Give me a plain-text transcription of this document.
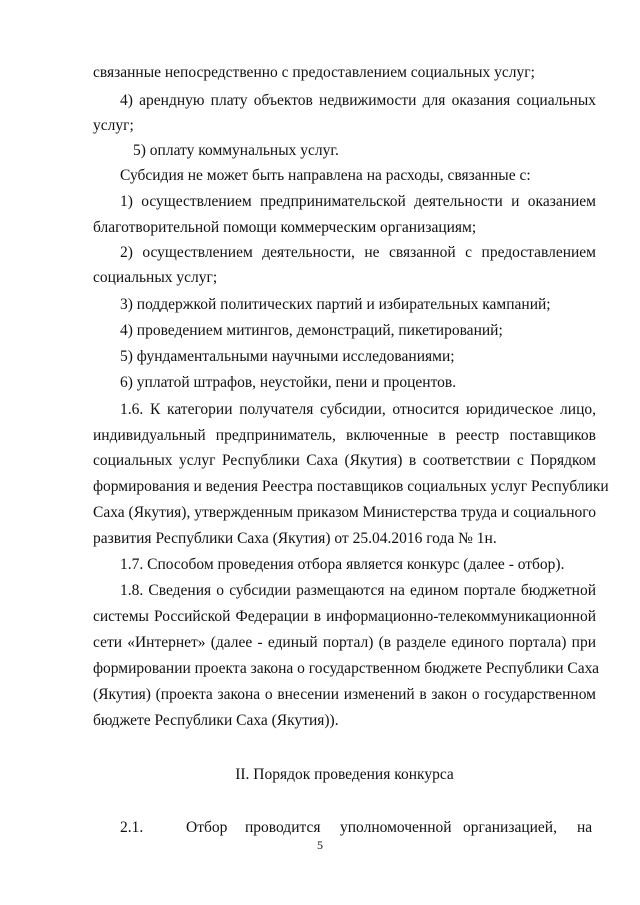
связанные непосредственно с предоставлением социальных услуг;
4) арендную плату объектов недвижимости для оказания социальных
услуг;
5) оплату коммунальных услуг.
Субсидия не может быть направлена на расходы, связанные с:
1) осуществлением предпринимательской деятельности и оказанием
благотворительной помощи коммерческим организациям;
2) осуществлением деятельности, не связанной с предоставлением
социальных услуг;
3) поддержкой политических партий и избирательных кампаний;
4) проведением митингов, демонстраций, пикетирований;
5) фундаментальными научными исследованиями;
6) уплатой штрафов, неустойки, пени и процентов.
1.6. К категории получателя субсидии, относится юридическое лицо,
индивидуальный предприниматель, включенные в реестр поставщиков
социальных услуг Республики Саха (Якутия) в соответствии с Порядком
формирования и ведения Реестра поставщиков социальных услуг Республики
Саха (Якутия), утвержденным приказом Министерства труда и социального
развития Республики Саха (Якутия) от 25.04.2016 года № 1н.
1.7. Способом проведения отбора является конкурс (далее - отбор).
1.8. Сведения о субсидии размещаются на едином портале бюджетной
системы Российской Федерации в информационно-телекоммуникационной
сети «Интернет» (далее - единый портал) (в разделе единого портала) при
формировании проекта закона о государственном бюджете Республики Саха
(Якутия) (проекта закона о внесении изменений в закон о государственном
бюджете Республики Саха (Якутия)).
II. Порядок проведения конкурса
2.1.	Отбор проводится уполномоченной организацией, на
5
